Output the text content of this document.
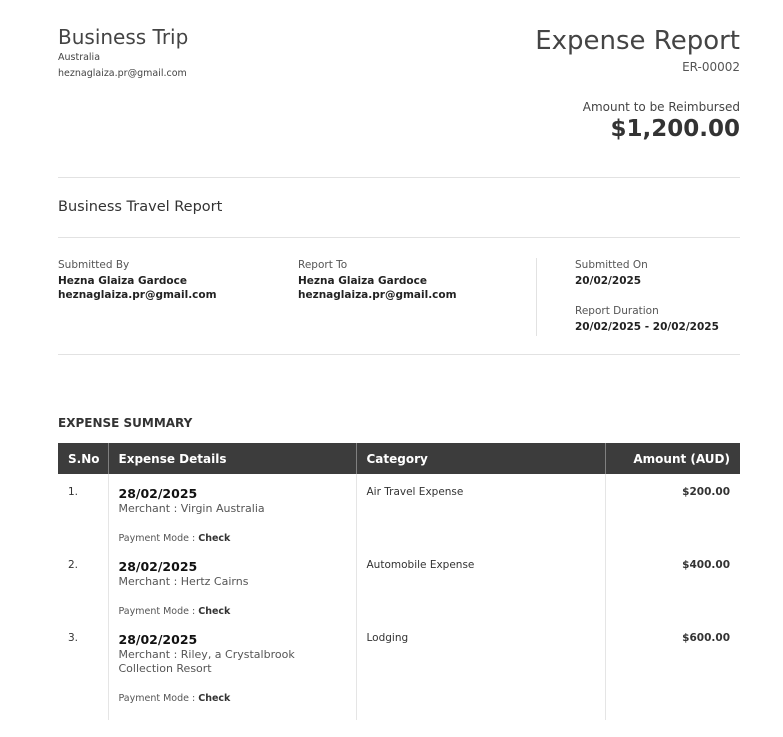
Business Trip
Australia
heznaglaiza.pr@gmail.com
Expense Report
ER-00002
Amount to be Reimbursed
$1,200.00
Business Travel Report
Submitted By
Hezna Glaiza Gardoce
heznaglaiza.pr@gmail.com
Report To
Hezna Glaiza Gardoce
heznaglaiza.pr@gmail.com
Submitted On
20/02/2025
Report Duration
20/02/2025 - 20/02/2025
EXPENSE SUMMARY
S.No	Expense Details	Category	Amount (AUD)
1.	28/02/2025
Merchant : Virgin Australia
Payment Mode : Check	Air Travel Expense	$200.00
2.	28/02/2025
Merchant : Hertz Cairns
Payment Mode : Check	Automobile Expense	$400.00
3.	28/02/2025
Merchant : Riley, a Crystalbrook Collection Resort
Payment Mode : Check	Lodging	$600.00
